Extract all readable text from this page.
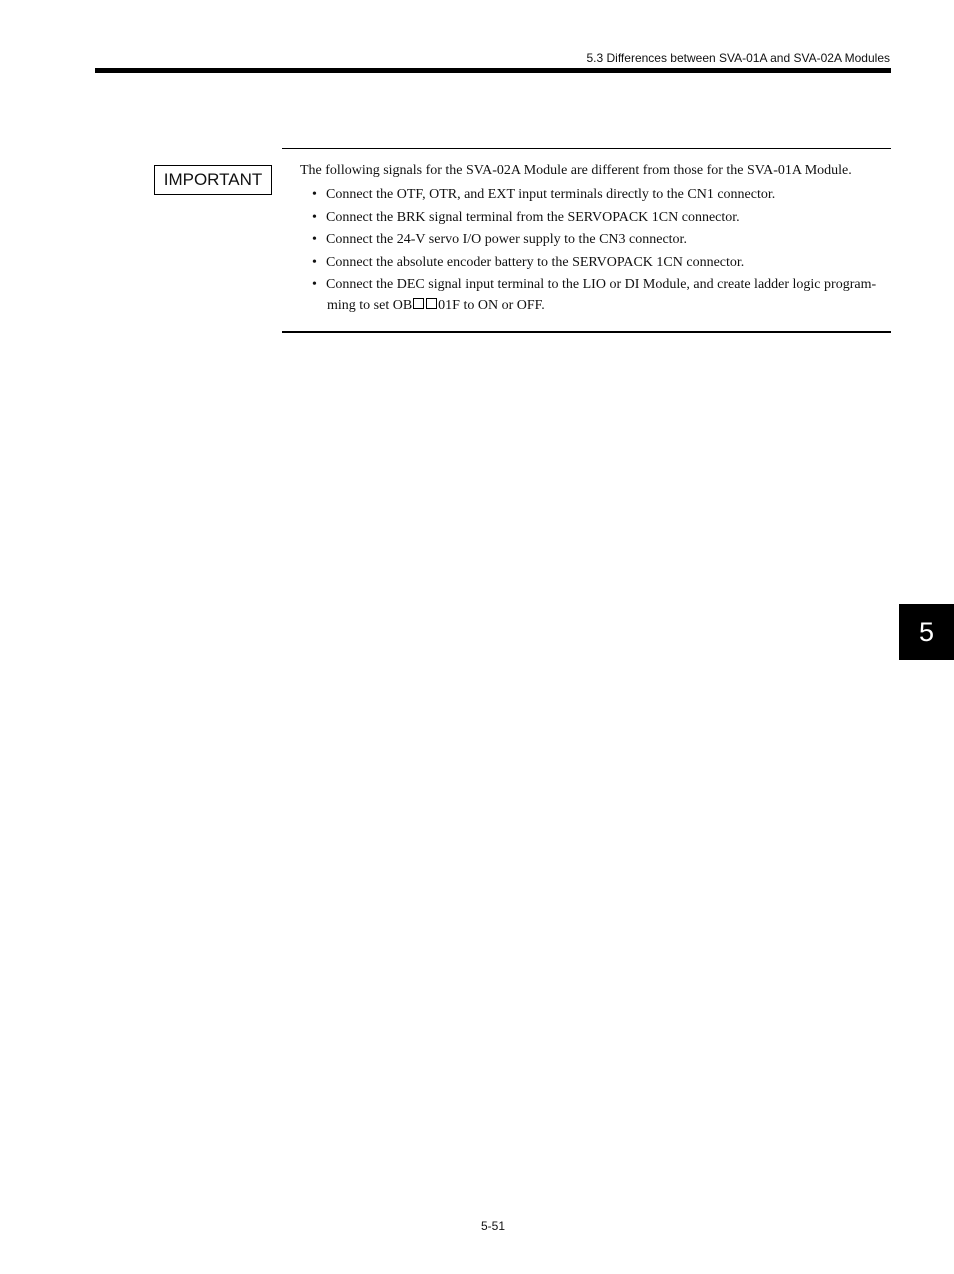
5.3 Differences between SVA-01A and SVA-02A Modules
IMPORTANT	The following signals for the SVA-02A Module are different from those for the SVA-01A Module.

• Connect the OTF, OTR, and EXT input terminals directly to the CN1 connector.
• Connect the BRK signal terminal from the SERVOPACK 1CN connector.
• Connect the 24-V servo I/O power supply to the CN3 connector.
• Connect the absolute encoder battery to the SERVOPACK 1CN connector.
• Connect the DEC signal input terminal to the LIO or DI Module, and create ladder logic program-
ming to set OB 01F to ON or OFF.
5
5-51
